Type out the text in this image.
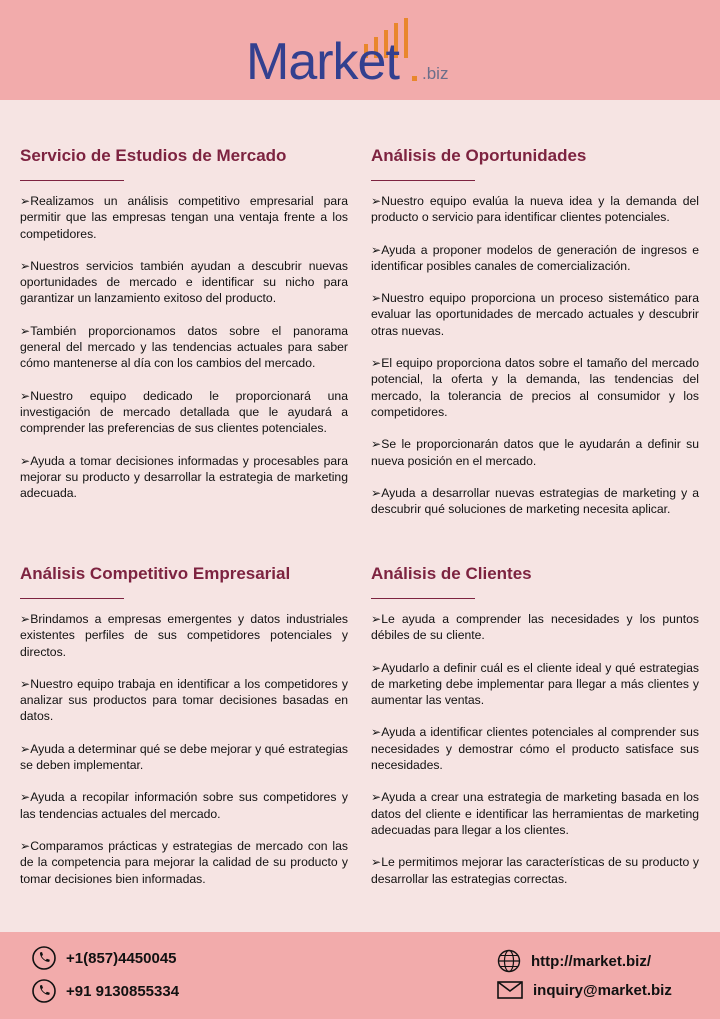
Market .biz
Servicio de Estudios de Mercado

➢Realizamos un análisis competitivo empresarial para permitir que las empresas tengan una ventaja frente a los competidores.

➢Nuestros servicios también ayudan a descubrir nuevas oportunidades de mercado e identificar su nicho para garantizar un lanzamiento exitoso del producto.

➢También proporcionamos datos sobre el panorama general del mercado y las tendencias actuales para saber cómo mantenerse al día con los cambios del mercado.

➢Nuestro equipo dedicado le proporcionará una investigación de mercado detallada que le ayudará a comprender las preferencias de sus clientes potenciales.

➢Ayuda a tomar decisiones informadas y procesables para mejorar su producto y desarrollar la estrategia de marketing adecuada.

Análisis de Oportunidades

➢Nuestro equipo evalúa la nueva idea y la demanda del producto o servicio para identificar clientes potenciales.

➢Ayuda a proponer modelos de generación de ingresos e identificar posibles canales de comercialización.

➢Nuestro equipo proporciona un proceso sistemático para evaluar las oportunidades de mercado actuales y descubrir otras nuevas.

➢El equipo proporciona datos sobre el tamaño del mercado potencial, la oferta y la demanda, las tendencias del mercado, la tolerancia de precios al consumidor y los competidores.

➢Se le proporcionarán datos que le ayudarán a definir su nueva posición en el mercado.

➢Ayuda a desarrollar nuevas estrategias de marketing y a descubrir qué soluciones de marketing necesita aplicar.

Análisis Competitivo Empresarial

➢Brindamos a empresas emergentes y datos industriales existentes perfiles de sus competidores potenciales y directos.

➢Nuestro equipo trabaja en identificar a los competidores y analizar sus productos para tomar decisiones basadas en datos.

➢Ayuda a determinar qué se debe mejorar y qué estrategias se deben implementar.

➢Ayuda a recopilar información sobre sus competidores y las tendencias actuales del mercado.

➢Comparamos prácticas y estrategias de mercado con las de la competencia para mejorar la calidad de su producto y tomar decisiones bien informadas.

Análisis de Clientes

➢Le ayuda a comprender las necesidades y los puntos débiles de su cliente.

➢Ayudarlo a definir cuál es el cliente ideal y qué estrategias de marketing debe implementar para llegar a más clientes y aumentar las ventas.

➢Ayuda a identificar clientes potenciales al comprender sus necesidades y demostrar cómo el producto satisface sus necesidades.

➢Ayuda a crear una estrategia de marketing basada en los datos del cliente e identificar las herramientas de marketing adecuadas para llegar a los clientes.

➢Le permitimos mejorar las características de su producto y desarrollar las estrategias correctas.

+1(857)4450045
+91 9130855334
http://market.biz/
inquiry@market.biz
